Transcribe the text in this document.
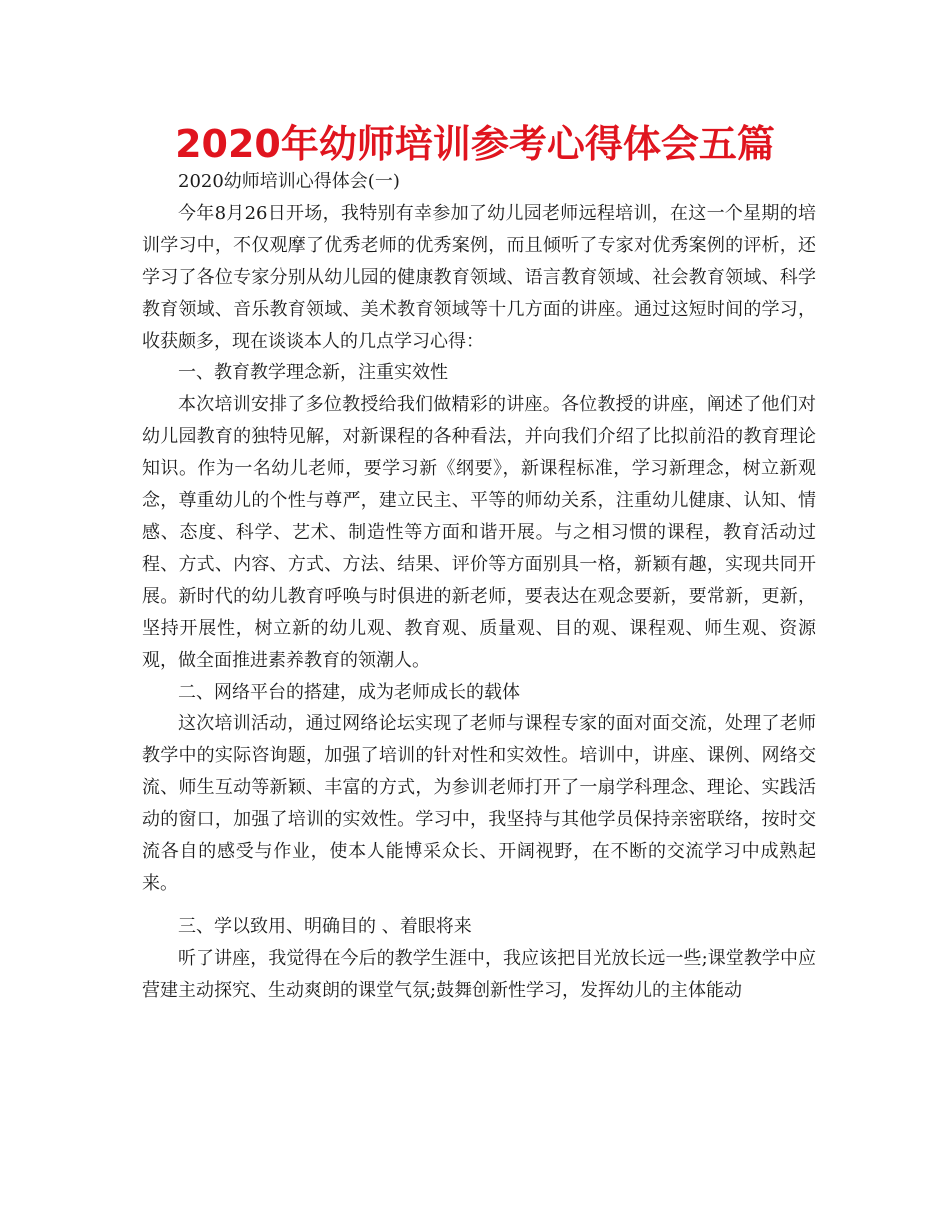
2020年幼师培训参考心得体会五篇

2020幼师培训心得体会(一)

今年8月26日开场，我特别有幸参加了幼儿园老师远程培训，在这一个星期的培训学习中，不仅观摩了优秀老师的优秀案例，而且倾听了专家对优秀案例的评析，还学习了各位专家分别从幼儿园的健康教育领域、语言教育领域、社会教育领域、科学教育领域、音乐教育领域、美术教育领域等十几方面的讲座。通过这短时间的学习，收获颇多，现在谈谈本人的几点学习心得：

一、教育教学理念新，注重实效性

本次培训安排了多位教授给我们做精彩的讲座。各位教授的讲座，阐述了他们对幼儿园教育的独特见解，对新课程的各种看法，并向我们介绍了比拟前沿的教育理论知识。作为一名幼儿老师，要学习新《纲要》，新课程标准，学习新理念，树立新观念，尊重幼儿的个性与尊严，建立民主、平等的师幼关系，注重幼儿健康、认知、情感、态度、科学、艺术、制造性等方面和谐开展。与之相习惯的课程，教育活动过程、方式、内容、方式、方法、结果、评价等方面别具一格，新颖有趣，实现共同开展。新时代的幼儿教育呼唤与时俱进的新老师，要表达在观念要新，要常新，更新，坚持开展性，树立新的幼儿观、教育观、质量观、目的观、课程观、师生观、资源观，做全面推进素养教育的领潮人。

二、网络平台的搭建，成为老师成长的载体

这次培训活动，通过网络论坛实现了老师与课程专家的面对面交流，处理了老师教学中的实际咨询题，加强了培训的针对性和实效性。培训中，讲座、课例、网络交流、师生互动等新颖、丰富的方式，为参训老师打开了一扇学科理念、理论、实践活动的窗口，加强了培训的实效性。学习中，我坚持与其他学员保持亲密联络，按时交流各自的感受与作业，使本人能博采众长、开阔视野，在不断的交流学习中成熟起来。

三、学以致用、明确目的 、着眼将来

听了讲座，我觉得在今后的教学生涯中，我应该把目光放长远一些;课堂教学中应营建主动探究、生动爽朗的课堂气氛;鼓舞创新性学习，发挥幼儿的主体能动
